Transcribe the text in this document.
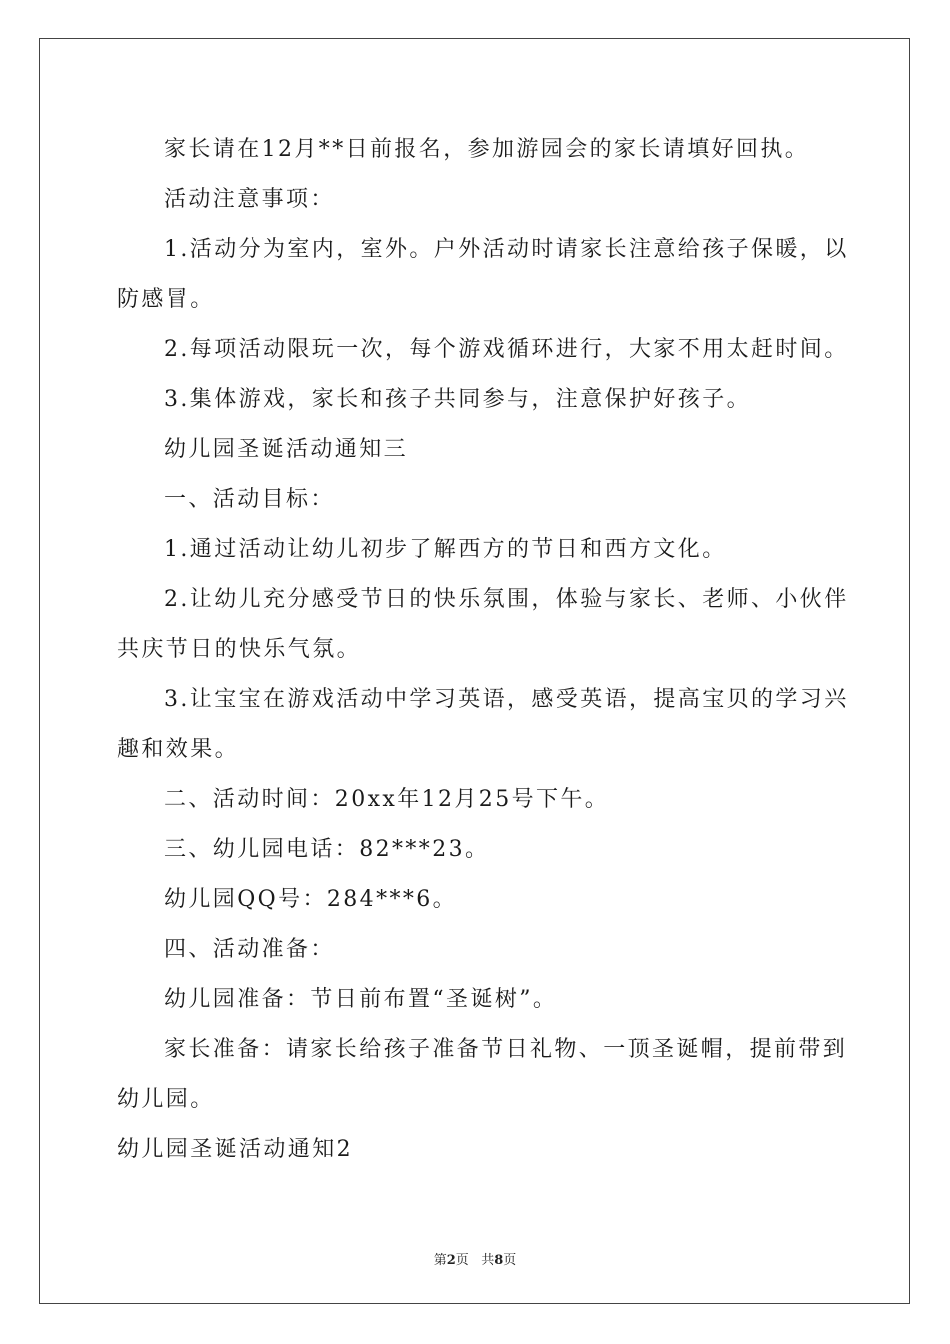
家长请在12月**日前报名，参加游园会的家长请填好回执。
活动注意事项：
1.活动分为室内，室外。户外活动时请家长注意给孩子保暖，以
防感冒。
2.每项活动限玩一次，每个游戏循环进行，大家不用太赶时间。
3.集体游戏，家长和孩子共同参与，注意保护好孩子。
幼儿园圣诞活动通知三
一、活动目标：
1.通过活动让幼儿初步了解西方的节日和西方文化。
2.让幼儿充分感受节日的快乐氛围，体验与家长、老师、小伙伴
共庆节日的快乐气氛。
3.让宝宝在游戏活动中学习英语，感受英语，提高宝贝的学习兴
趣和效果。
二、活动时间：20xx年12月25号下午。
三、幼儿园电话：82***23。
幼儿园QQ号：284***6。
四、活动准备：
幼儿园准备：节日前布置“圣诞树”。
家长准备：请家长给孩子准备节日礼物、一顶圣诞帽，提前带到
幼儿园。
幼儿园圣诞活动通知2
第2页 共8页
